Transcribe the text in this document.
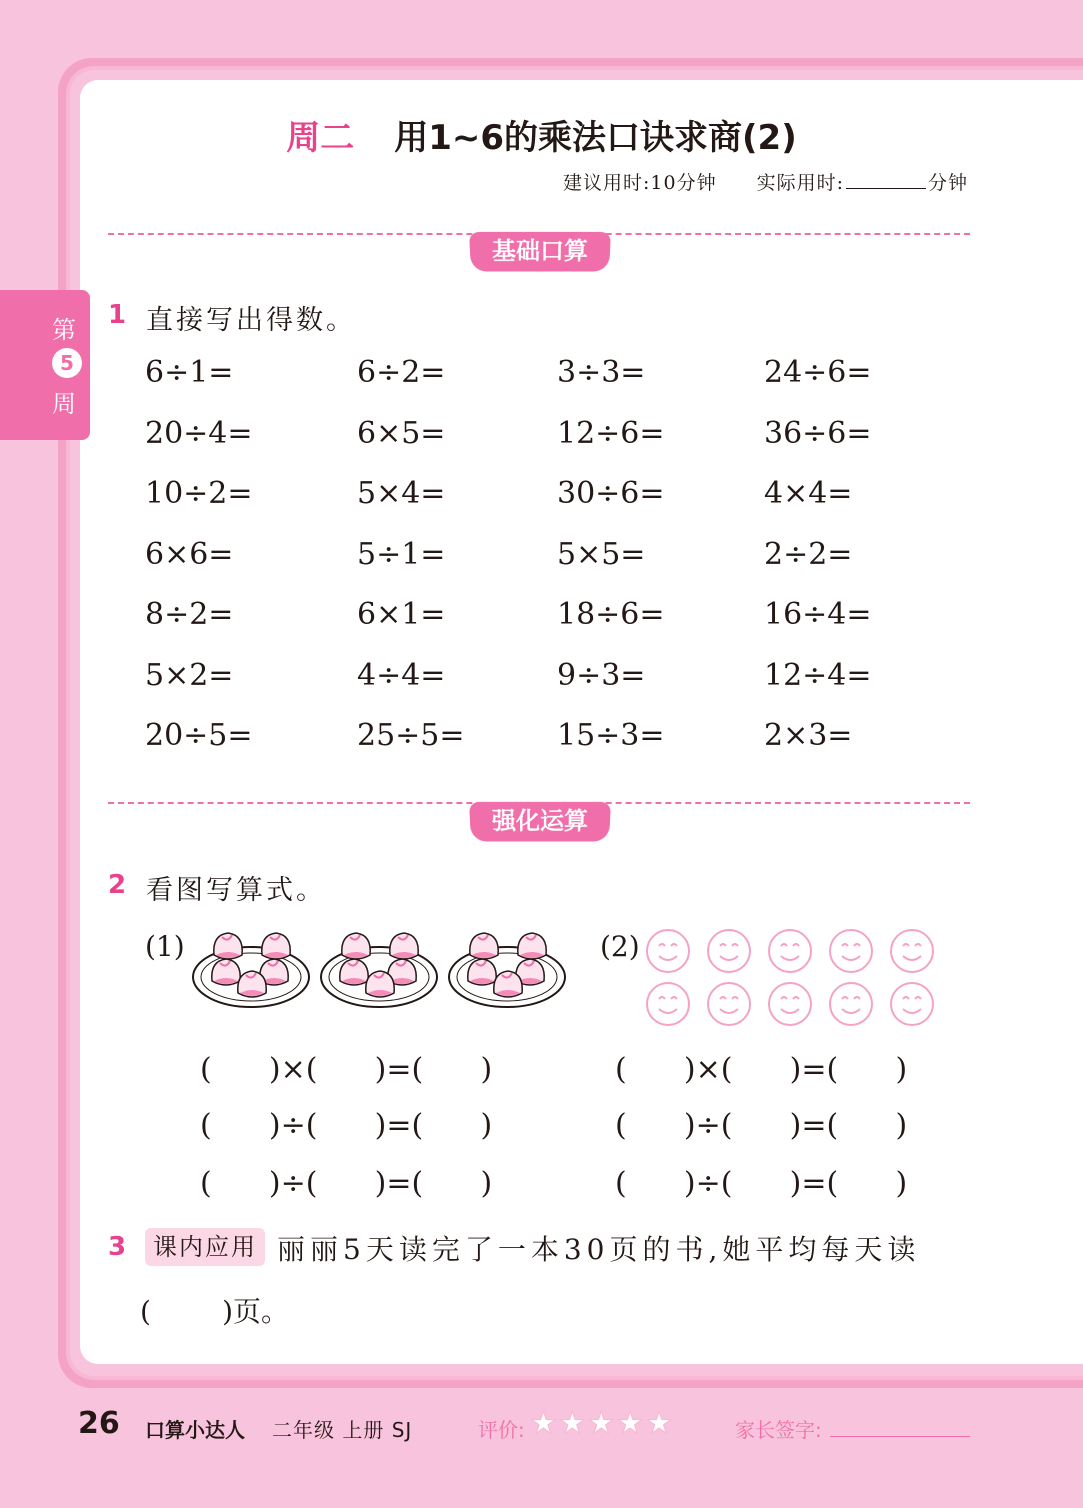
第
5
周
周二 用1~6的乘法口诀求商(2)
建议用时:10分钟 实际用时:	分钟
基础口算
1 直接写出得数。
6÷1=	6÷2=	3÷3=	24÷6=
20÷4=	6×5=	12÷6=	36÷6=
10÷2=	5×4=	30÷6=	4×4=
6×6=	5÷1=	5×5=	2÷2=
8÷2=	6×1=	18÷6=	16÷4=
5×2=	4÷4=	9÷3=	12÷4=
20÷5=	25÷5=	15÷3=	2×3=
强化运算
2 看图写算式。
(1)	(2)
(      )×(      )=(      )
(      )÷(      )=(      )
(      )÷(      )=(      )
(      )×(      )=(      )
(      )÷(      )=(      )
(      )÷(      )=(      )
3	课内应用 丽丽5天读完了一本30页的书,她平均每天读
(        )页。
26 口算小达人 二年级 上册 SJ	评价: ★★★★★	家长签字:
